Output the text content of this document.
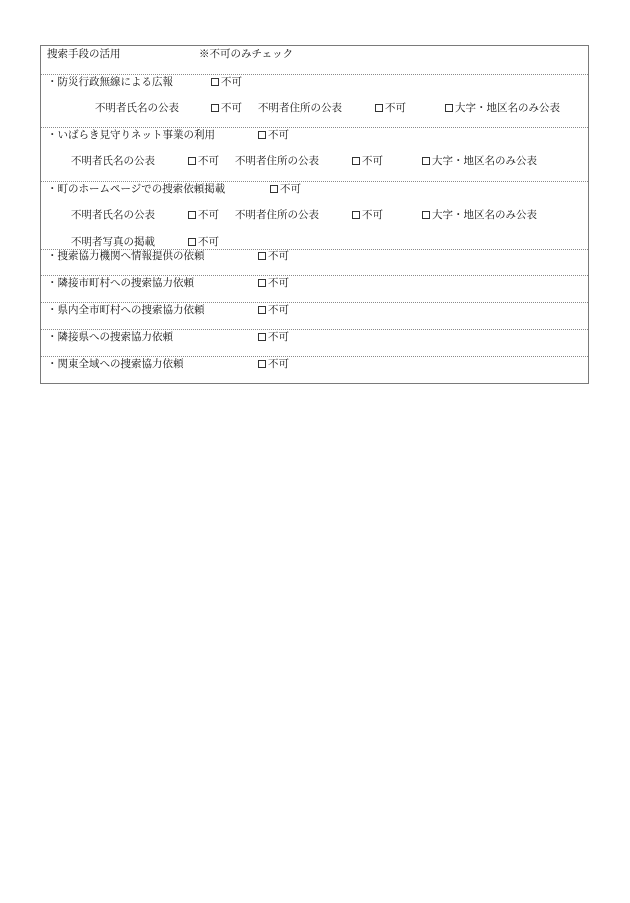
捜索手段の活用	※不可のみチェック
・防災行政無線による広報	不可
不明者氏名の公表	不可 不明者住所の公表	不可	大字・地区名のみ公表
・いばらき見守りネット事業の利用	不可
不明者氏名の公表	不可 不明者住所の公表	不可	大字・地区名のみ公表
・町のホームページでの捜索依頼掲載	不可
不明者氏名の公表	不可 不明者住所の公表	不可	大字・地区名のみ公表
不明者写真の掲載	不可
・捜索協力機関へ情報提供の依頼	不可
・隣接市町村への捜索協力依頼	不可
・県内全市町村への捜索協力依頼	不可
・隣接県への捜索協力依頼	不可
・関東全域への捜索協力依頼	不可
